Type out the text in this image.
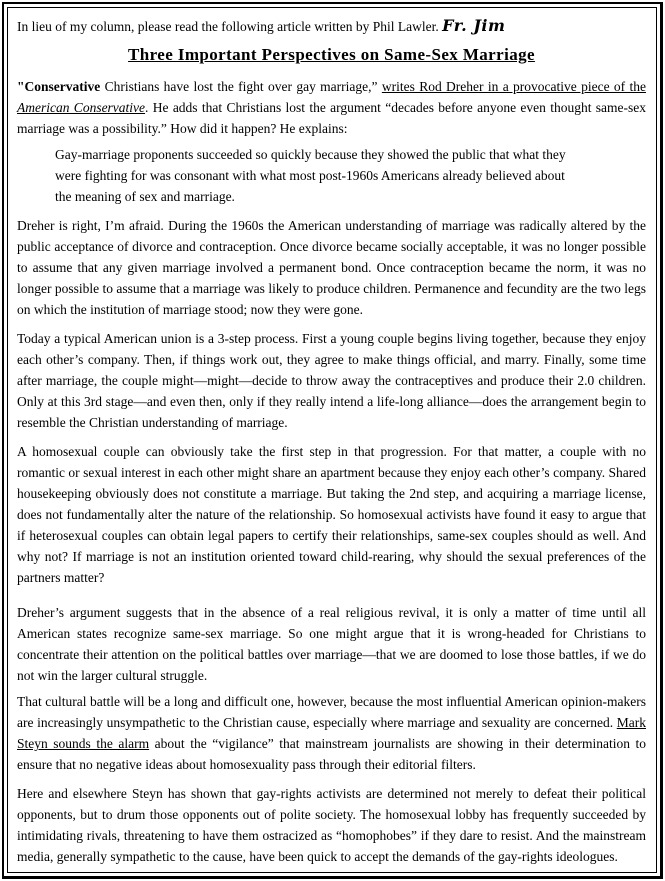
In lieu of my column, please read the following article written by Phil Lawler. Fr. Jim

Three Important Perspectives on Same-Sex Marriage

"Conservative Christians have lost the fight over gay marriage,” writes Rod Dreher in a provocative piece of the American Conservative. He adds that Christians lost the argument “decades before anyone even thought same-sex marriage was a possibility.” How did it happen? He explains:

Gay-marriage proponents succeeded so quickly because they showed the public that what they were fighting for was consonant with what most post-1960s Americans already believed about the meaning of sex and marriage.

Dreher is right, I’m afraid. During the 1960s the American understanding of marriage was radically altered by the public acceptance of divorce and contraception. Once divorce became socially acceptable, it was no longer possible to assume that any given marriage involved a permanent bond. Once contraception became the norm, it was no longer possible to assume that a marriage was likely to produce children. Permanence and fecundity are the two legs on which the institution of marriage stood; now they were gone.

Today a typical American union is a 3-step process. First a young couple begins living together, because they enjoy each other’s company. Then, if things work out, they agree to make things official, and marry. Finally, some time after marriage, the couple might—might—decide to throw away the contraceptives and produce their 2.0 children. Only at this 3rd stage—and even then, only if they really intend a life-long alliance—does the arrangement begin to resemble the Christian understanding of marriage.

A homosexual couple can obviously take the first step in that progression. For that matter, a couple with no romantic or sexual interest in each other might share an apartment because they enjoy each other’s company. Shared housekeeping obviously does not constitute a marriage. But taking the 2nd step, and acquiring a marriage license, does not fundamentally alter the nature of the relationship. So homosexual activists have found it easy to argue that if heterosexual couples can obtain legal papers to certify their relationships, same-sex couples should as well. And why not? If marriage is not an institution oriented toward child-rearing, why should the sexual preferences of the partners matter?

Dreher’s argument suggests that in the absence of a real religious revival, it is only a matter of time until all American states recognize same-sex marriage. So one might argue that it is wrong-headed for Christians to concentrate their attention on the political battles over marriage—that we are doomed to lose those battles, if we do not win the larger cultural struggle.

That cultural battle will be a long and difficult one, however, because the most influential American opinion-makers are increasingly unsympathetic to the Christian cause, especially where marriage and sexuality are concerned. Mark Steyn sounds the alarm about the “vigilance” that mainstream journalists are showing in their determination to ensure that no negative ideas about homosexuality pass through their editorial filters.

Here and elsewhere Steyn has shown that gay-rights activists are determined not merely to defeat their political opponents, but to drum those opponents out of polite society. The homosexual lobby has frequently succeeded by intimidating rivals, threatening to have them ostracized as “homophobes” if they dare to resist. And the mainstream media, generally sympathetic to the cause, have been quick to accept the demands of the gay-rights ideologues.
